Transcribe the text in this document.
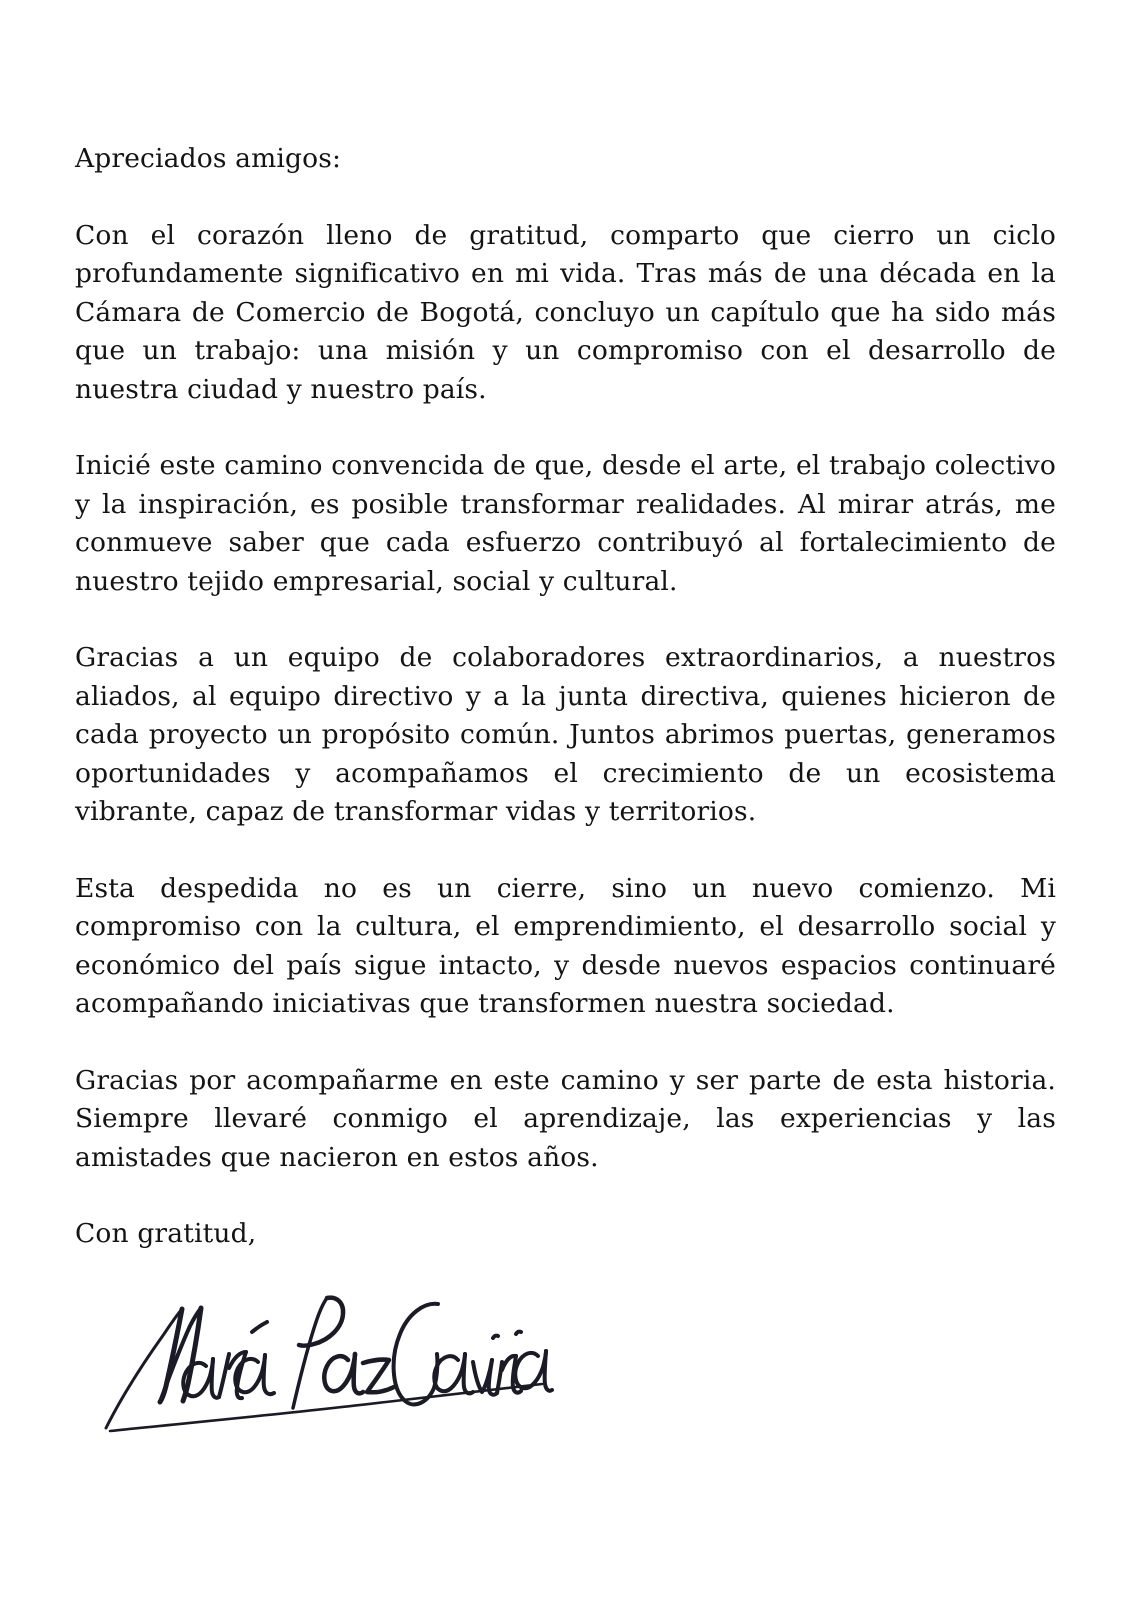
Apreciados amigos:

Con el corazón lleno de gratitud, comparto que cierro un ciclo profundamente significativo en mi vida. Tras más de una década en la Cámara de Comercio de Bogotá, concluyo un capítulo que ha sido más que un trabajo: una misión y un compromiso con el desarrollo de nuestra ciudad y nuestro país.

Inicié este camino convencida de que, desde el arte, el trabajo colectivo y la inspiración, es posible transformar realidades. Al mirar atrás, me conmueve saber que cada esfuerzo contribuyó al fortalecimiento de nuestro tejido empresarial, social y cultural.

Gracias a un equipo de colaboradores extraordinarios, a nuestros aliados, al equipo directivo y a la junta directiva, quienes hicieron de cada proyecto un propósito común. Juntos abrimos puertas, generamos oportunidades y acompañamos el crecimiento de un ecosistema vibrante, capaz de transformar vidas y territorios.

Esta despedida no es un cierre, sino un nuevo comienzo. Mi compromiso con la cultura, el emprendimiento, el desarrollo social y económico del país sigue intacto, y desde nuevos espacios continuaré acompañando iniciativas que transformen nuestra sociedad.

Gracias por acompañarme en este camino y ser parte de esta historia. Siempre llevaré conmigo el aprendizaje, las experiencias y las amistades que nacieron en estos años.

Con gratitud,
